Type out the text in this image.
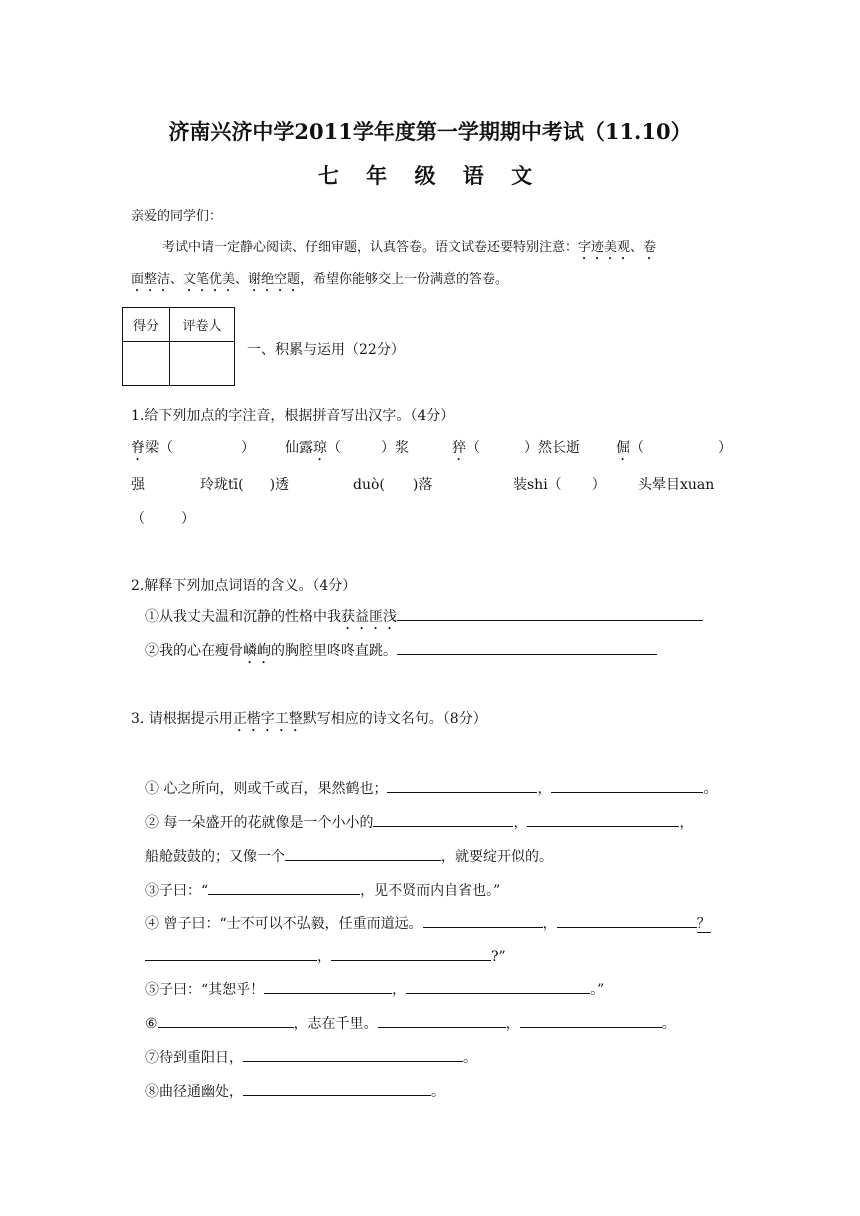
济南兴济中学2011学年度第一学期期中考试（11.10）
七 年 级 语 文
亲爱的同学们：
考试中请一定静心阅读、仔细审题，认真答卷。语文试卷还要特别注意：字迹美观、卷
面整洁、文笔优美、谢绝空题，希望你能够交上一份满意的答卷。
得分	评卷人

一、积累与运用（22分）
1.给下列加点的字注音，根据拼音写出汉字。（4分）
脊梁（	） 仙露琼（	）浆	猝（	）然长逝	倔（	）
强	玲珑tī( )透	duò( )落	装shi（ ） 头晕目xuan
（	）
2.解释下列加点词语的含义。（4分）
①从我丈夫温和沉静的性格中我获益匪浅
②我的心在瘦骨嶙峋的胸腔里咚咚直跳。
3. 请根据提示用正楷字工整默写相应的诗文名句。（8分）
① 心之所向，则或千或百，果然鹤也；	，	。
② 每一朵盛开的花就像是一个小小的	，	，
船舱鼓鼓的；又像一个	，就要绽开似的。
③子曰：“	，见不贤而内自省也。”
④ 曾子曰：“士不可以不弘毅，任重而道远。	，	？
，	?”
⑤子曰：“其恕乎！	，	。”
⑥	，志在千里。	，	。
⑦待到重阳日，	。
⑧曲径通幽处，	。
